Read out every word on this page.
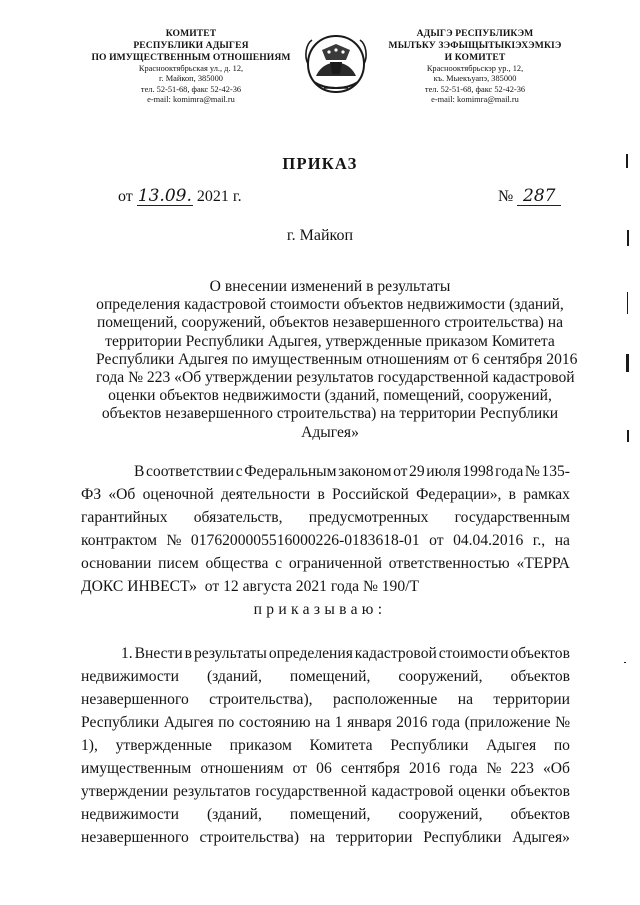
КОМИТЕТ
РЕСПУБЛИКИ АДЫГЕЯ
ПО ИМУЩЕСТВЕННЫМ ОТНОШЕНИЯМ
Краснооктябрьская ул., д. 12,
г. Майкоп, 385000
тел. 52-51-68, факс 52-42-36
e-mail: komimra@mail.ru
АДЫГЭ РЕСПУБЛИКЭМ
МЫЛЪКУ ЗЭФЫЩЫТЫКIЭХЭМКIЭ
И КОМИТЕТ
Краснооктябрьскэр ур., 12,
къ. Мыекъуапэ, 385000
тел. 52-51-68, факс 52-42-36
e-mail: komimra@mail.ru
ПРИКАЗ
от 13.09. 2021 г.	№ 287
г. Майкоп
О внесении изменений в результаты
определения кадастровой стоимости объектов недвижимости (зданий,
помещений, сооружений, объектов незавершенного строительства) на
территории Республики Адыгея, утвержденные приказом Комитета
Республики Адыгея по имущественным отношениям от 6 сентября 2016
года № 223 «Об утверждении результатов государственной кадастровой
оценки объектов недвижимости (зданий, помещений, сооружений,
объектов незавершенного строительства) на территории Республики
Адыгея»
В соответствии с Федеральным законом от 29 июля 1998 года № 135-
ФЗ «Об оценочной деятельности в Российской Федерации», в рамках
гарантийных обязательств, предусмотренных государственным
контрактом № 0176200005516000226-0183618-01 от 04.04.2016 г., на
основании писем общества с ограниченной ответственностью «ТЕРРА
ДОКС ИНВЕСТ»  от 12 августа 2021 года № 190/Т
приказываю:
1. Внести в результаты определения кадастровой стоимости объектов
недвижимости (зданий, помещений, сооружений, объектов
незавершенного строительства), расположенные на территории
Республики Адыгея по состоянию на 1 января 2016 года (приложение №
1), утвержденные приказом Комитета Республики Адыгея по
имущественным отношениям от 06 сентября 2016 года № 223 «Об
утверждении результатов государственной кадастровой оценки объектов
недвижимости (зданий, помещений, сооружений, объектов
незавершенного строительства) на территории Республики Адыгея»
